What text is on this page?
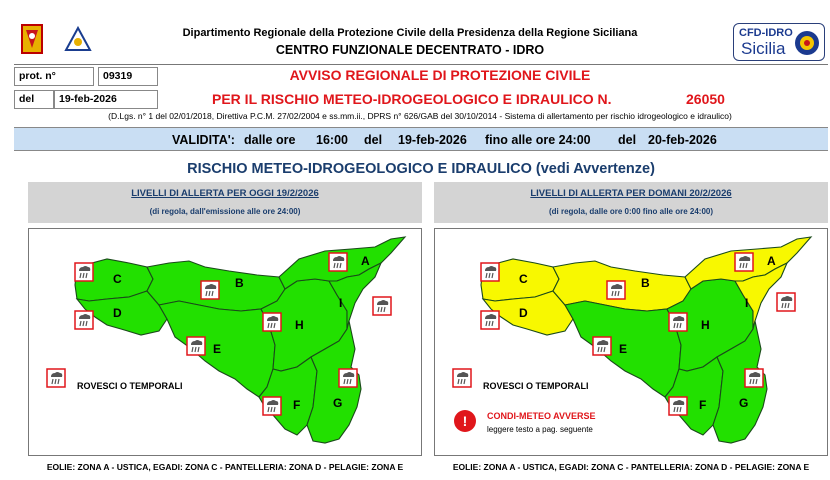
Dipartimento Regionale della Protezione Civile della Presidenza della Regione Siciliana
CENTRO FUNZIONALE DECENTRATO - IDRO
CFD-IDRO
Sicilia
prot. n°	09319
del	19-feb-2026
AVVISO REGIONALE DI PROTEZIONE CIVILE
PER IL RISCHIO METEO-IDROGEOLOGICO E IDRAULICO N.	26050
(D.Lgs. n° 1 del 02/01/2018, Direttiva P.C.M. 27/02/2004 e ss.mm.ii., DPRS n° 626/GAB del 30/10/2014 - Sistema di allertamento per rischio idrogeologico e idraulico)
VALIDITA': dalle ore 16:00 del 19-feb-2026 fino alle ore 24:00 del 20-feb-2026
RISCHIO METEO-IDROGEOLOGICO E IDRAULICO (vedi Avvertenze)
LIVELLI DI ALLERTA PER OGGI 19/2/2026
(di regola, dall'emissione alle ore 24:00)
A
B
C
D
E
F	G
H
I
ROVESCI O TEMPORALI
EOLIE: ZONA A - USTICA, EGADI: ZONA C - PANTELLERIA: ZONA D - PELAGIE: ZONA E
LIVELLI DI ALLERTA PER DOMANI 20/2/2026
(di regola, dalle ore 0:00 fino alle ore 24:00)
A
B
C
D
E
F	G
H
I
ROVESCI O TEMPORALI
! CONDI-METEO AVVERSE
leggere testo a pag. seguente
EOLIE: ZONA A - USTICA, EGADI: ZONA C - PANTELLERIA: ZONA D - PELAGIE: ZONA E
